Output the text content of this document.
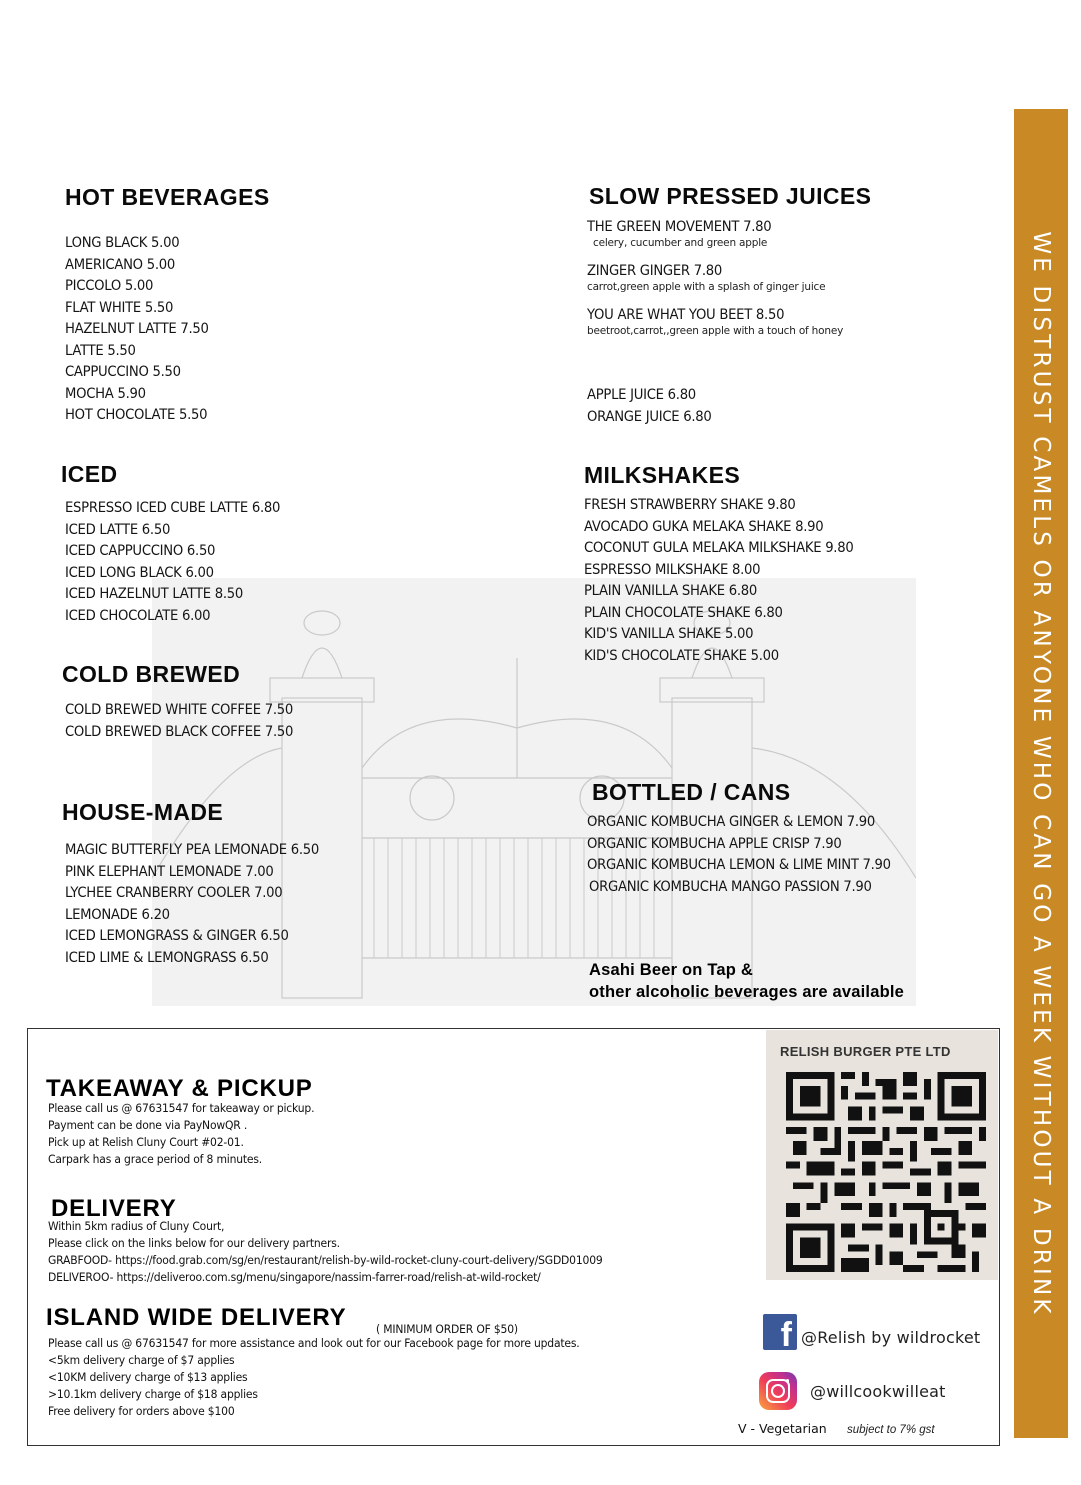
HOT BEVERAGES
LONG BLACK 5.00
AMERICANO 5.00
PICCOLO 5.00
FLAT WHITE 5.50
HAZELNUT LATTE 7.50
LATTE 5.50
CAPPUCCINO 5.50
MOCHA 5.90
HOT CHOCOLATE 5.50
SLOW PRESSED JUICES
THE GREEN MOVEMENT 7.80
celery, cucumber and green apple
ZINGER GINGER 7.80
carrot,green apple with a splash of ginger juice
YOU ARE WHAT YOU BEET 8.50
beetroot,carrot,,green apple with a touch of honey
APPLE JUICE 6.80
ORANGE JUICE 6.80
ICED
ESPRESSO ICED CUBE LATTE 6.80
ICED LATTE 6.50
ICED CAPPUCCINO 6.50
ICED LONG BLACK 6.00
ICED HAZELNUT LATTE 8.50
ICED CHOCOLATE 6.00
MILKSHAKES
FRESH STRAWBERRY SHAKE 9.80
AVOCADO GUKA MELAKA SHAKE 8.90
COCONUT GULA MELAKA MILKSHAKE 9.80
ESPRESSO MILKSHAKE 8.00
PLAIN VANILLA SHAKE 6.80
PLAIN CHOCOLATE SHAKE 6.80
KID'S VANILLA SHAKE 5.00
KID'S CHOCOLATE SHAKE 5.00
COLD BREWED
COLD BREWED WHITE COFFEE 7.50
COLD BREWED BLACK COFFEE 7.50
HOUSE-MADE
MAGIC BUTTERFLY PEA LEMONADE 6.50
PINK ELEPHANT LEMONADE 7.00
LYCHEE CRANBERRY COOLER 7.00
LEMONADE 6.20
ICED LEMONGRASS & GINGER 6.50
ICED LIME & LEMONGRASS 6.50
BOTTLED / CANS
ORGANIC KOMBUCHA GINGER & LEMON 7.90
ORGANIC KOMBUCHA APPLE CRISP 7.90
ORGANIC KOMBUCHA LEMON & LIME MINT 7.90
ORGANIC KOMBUCHA MANGO PASSION 7.90
Asahi Beer on Tap &
other alcoholic beverages are available	WE DISTRUST CAMELS OR ANYONE WHO CAN GO A WEEK WITHOUT A DRINK
TAKEAWAY & PICKUP
Please call us @ 67631547 for takeaway or pickup.
Payment can be done via PayNowQR .
Pick up at Relish Cluny Court #02-01.
Carpark has a grace period of 8 minutes.
DELIVERY
Within 5km radius of Cluny Court,
Please click on the links below for our delivery partners.
GRABFOOD- https://food.grab.com/sg/en/restaurant/relish-by-wild-rocket-cluny-court-delivery/SGDD01009
DELIVEROO- https://deliveroo.com.sg/menu/singapore/nassim-farrer-road/relish-at-wild-rocket/
ISLAND WIDE DELIVERY	( MINIMUM ORDER OF $50)
Please call us @ 67631547 for more assistance and look out for our Facebook page for more updates.
<5km delivery charge of $7 applies
<10KM delivery charge of $13 applies
>10.1km delivery charge of $18 applies
Free delivery for orders above $100
RELISH BURGER PTE LTD
f @Relish by wildrocket
@willcookwilleat
V - Vegetarian subject to 7% gst
